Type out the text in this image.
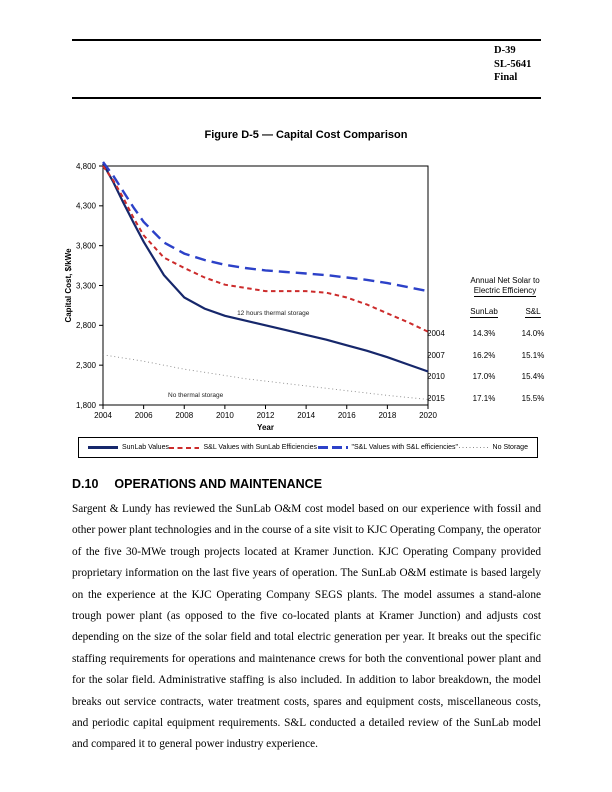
D-39
SL-5641
Final
Figure D-5 — Capital Cost Comparison
4,800
4,300
3,800
3,300
2,800
2,300
1,800
2004	2006	2008	2010	2012	2014	2016	2018	2020
12 hours thermal storage
No thermal storage
Year
Capital Cost, $/kWe	Annual Net Solar to
Electric Efficiency
SunLab	S&L
2004	14.3%	14.0%
2007	16.2%	15.1%
2010	17.0%	15.4%
2015	17.1%	15.5%
SunLab Values	S&L Values with SunLab Efficiencies	"S&L Values with S&L efficiencies"	No Storage
D.10 OPERATIONS AND MAINTENANCE

Sargent & Lundy has reviewed the SunLab O&M cost model based on our experience with fossil and other power plant technologies and in the course of a site visit to KJC Operating Company, the operator of the five 30-MWe trough projects located at Kramer Junction. KJC Operating Company provided proprietary information on the last five years of operation. The SunLab O&M estimate is based largely on the experience at the KJC Operating Company SEGS plants. The model assumes a stand-alone trough power plant (as opposed to the five co-located plants at Kramer Junction) and adjusts cost depending on the size of the solar field and total electric generation per year. It breaks out the specific staffing requirements for operations and maintenance crews for both the conventional power plant and for the solar field. Administrative staffing is also included. In addition to labor breakdown, the model breaks out service contracts, water treatment costs, spares and equipment costs, miscellaneous costs, and periodic capital equipment requirements. S&L conducted a detailed review of the SunLab model and compared it to general power industry experience.
